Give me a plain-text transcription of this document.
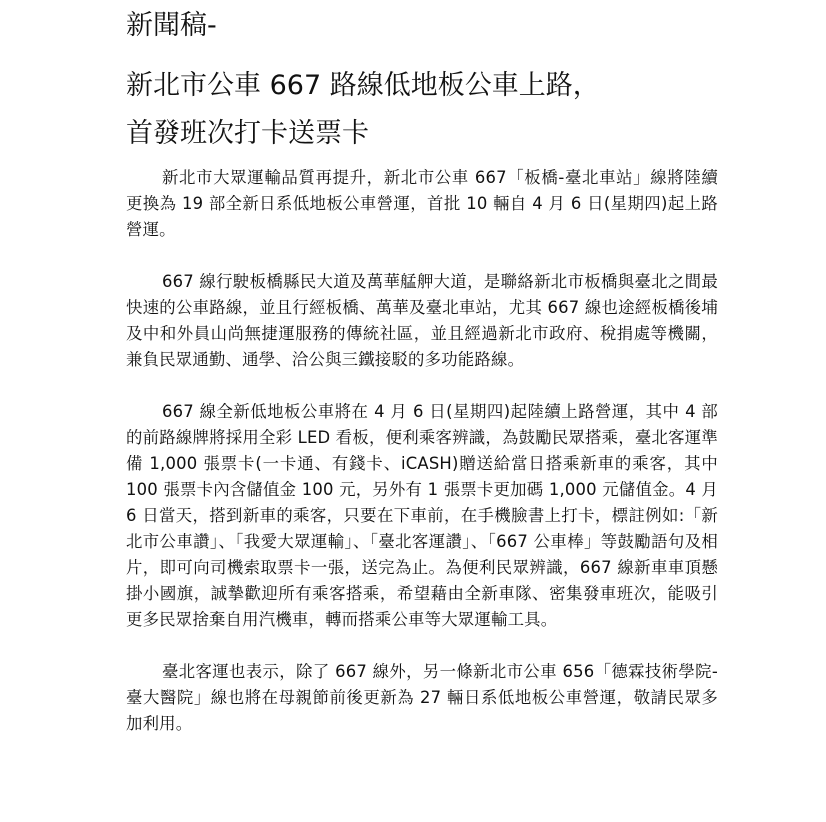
新聞稿-
新北市公車 667 路線低地板公車上路，
首發班次打卡送票卡

新北市大眾運輸品質再提升，新北市公車 667「板橋-臺北車站」線將陸續更換為 19 部全新日系低地板公車營運，首批 10 輛自 4 月 6 日(星期四)起上路營運。

667 線行駛板橋縣民大道及萬華艋舺大道，是聯絡新北市板橋與臺北之間最快速的公車路線，並且行經板橋、萬華及臺北車站，尤其 667 線也途經板橋後埔及中和外員山尚無捷運服務的傳統社區，並且經過新北市政府、稅捐處等機關，兼負民眾通勤、通學、洽公與三鐵接駁的多功能路線。

667 線全新低地板公車將在 4 月 6 日(星期四)起陸續上路營運，其中 4 部的前路線牌將採用全彩 LED 看板，便利乘客辨識，為鼓勵民眾搭乘，臺北客運準備 1,000 張票卡(一卡通、有錢卡、iCASH)贈送給當日搭乘新車的乘客，其中 100 張票卡內含儲值金 100 元，另外有 1 張票卡更加碼 1,000 元儲值金。4 月 6 日當天，搭到新車的乘客，只要在下車前，在手機臉書上打卡，標註例如:「新北市公車讚」、「我愛大眾運輸」、「臺北客運讚」、「667 公車棒」等鼓勵語句及相片，即可向司機索取票卡一張，送完為止。為便利民眾辨識，667 線新車車頂懸掛小國旗，誠摯歡迎所有乘客搭乘，希望藉由全新車隊、密集發車班次，能吸引更多民眾捨棄自用汽機車，轉而搭乘公車等大眾運輸工具。

臺北客運也表示，除了 667 線外，另一條新北市公車 656「德霖技術學院-臺大醫院」線也將在母親節前後更新為 27 輛日系低地板公車營運，敬請民眾多加利用。
